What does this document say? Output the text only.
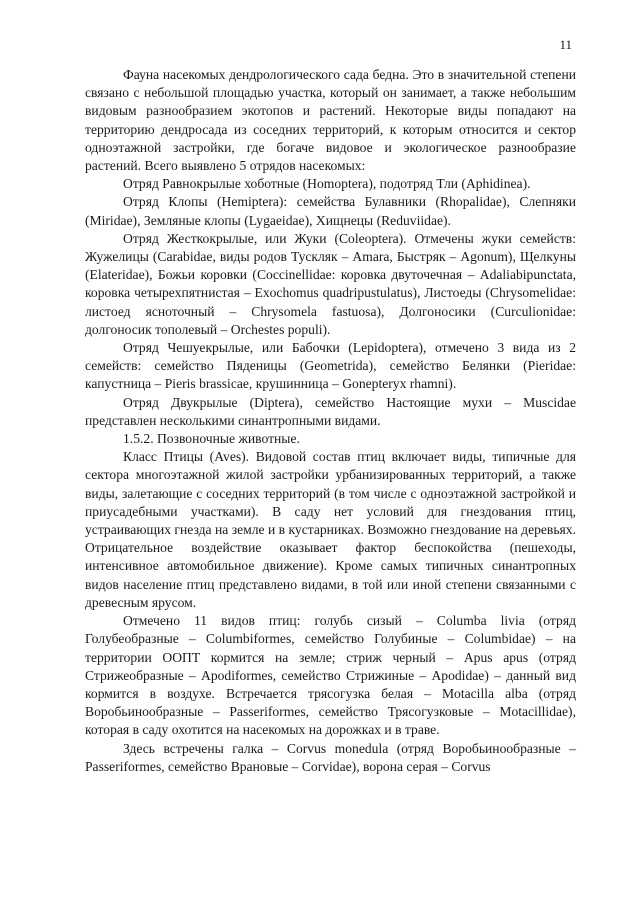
11

Фауна насекомых дендрологического сада бедна. Это в значительной степени связано с небольшой площадью участка, который он занимает, а также небольшим видовым разнообразием экотопов и растений. Некоторые виды попадают на территорию дендросада из соседних территорий, к которым относится и сектор одноэтажной застройки, где богаче видовое и экологическое разнообразие растений. Всего выявлено 5 отрядов насекомых:

Отряд Равнокрылые хоботные (Homoptera), подотряд Тли (Aphidinea).

Отряд Клопы (Hemiptera): семейства Булавники (Rhopalidae), Слепняки (Miridae), Земляные клопы (Lygaeidae), Хищнецы (Reduviidae).

Отряд Жесткокрылые, или Жуки (Coleoptera). Отмечены жуки семейств: Жужелицы (Carabidae, виды родов Тускляк – Amara, Быстряк – Agonum), Щелкуны (Elateridae), Божьи коровки (Coccinellidae: коровка двуточечная – Adaliabipunctata, коровка четырехпятнистая – Exochomus quadripustulatus), Листоеды (Chrysomelidae: листоед ясноточный – Chrysomela fastuosa), Долгоносики (Curculionidae: долгоносик тополевый – Orchestes populi).

Отряд Чешуекрылые, или Бабочки (Lepidoptera), отмечено 3 вида из 2 семейств: семейство Пяденицы (Geometrida), семейство Белянки (Pieridae: капустница – Pieris brassicae, крушинница – Gonepteryx rhamni).

Отряд Двукрылые (Diptera), семейство Настоящие мухи – Muscidae представлен несколькими синантропными видами.

1.5.2. Позвоночные животные.

Класс Птицы (Aves). Видовой состав птиц включает виды, типичные для сектора многоэтажной жилой застройки урбанизированных территорий, а также виды, залетающие с соседних территорий (в том числе с одноэтажной застройкой и приусадебными участками). В саду нет условий для гнездования птиц, устраивающих гнезда на земле и в кустарниках. Возможно гнездование на деревьях. Отрицательное воздействие оказывает фактор беспокойства (пешеходы, интенсивное автомобильное движение). Кроме самых типичных синантропных видов население птиц представлено видами, в той или иной степени связанными с древесным ярусом.

Отмечено 11 видов птиц: голубь сизый – Columba livia (отряд Голубеобразные – Columbiformes, семейство Голубиные – Columbidae) – на территории ООПТ кормится на земле; стриж черный – Apus apus (отряд Стрижеобразные – Apodiformes, семейство Стрижиные – Apodidae) – данный вид кормится в воздухе. Встречается трясогузка белая – Motacilla alba (отряд Воробьинообразные – Passeriformes, семейство Трясогузковые – Motacillidae), которая в саду охотится на насекомых на дорожках и в траве.

Здесь встречены галка – Corvus monedula (отряд Воробьинообразные – Passeriformes, семейство Врановые – Corvidae), ворона серая – Corvus
